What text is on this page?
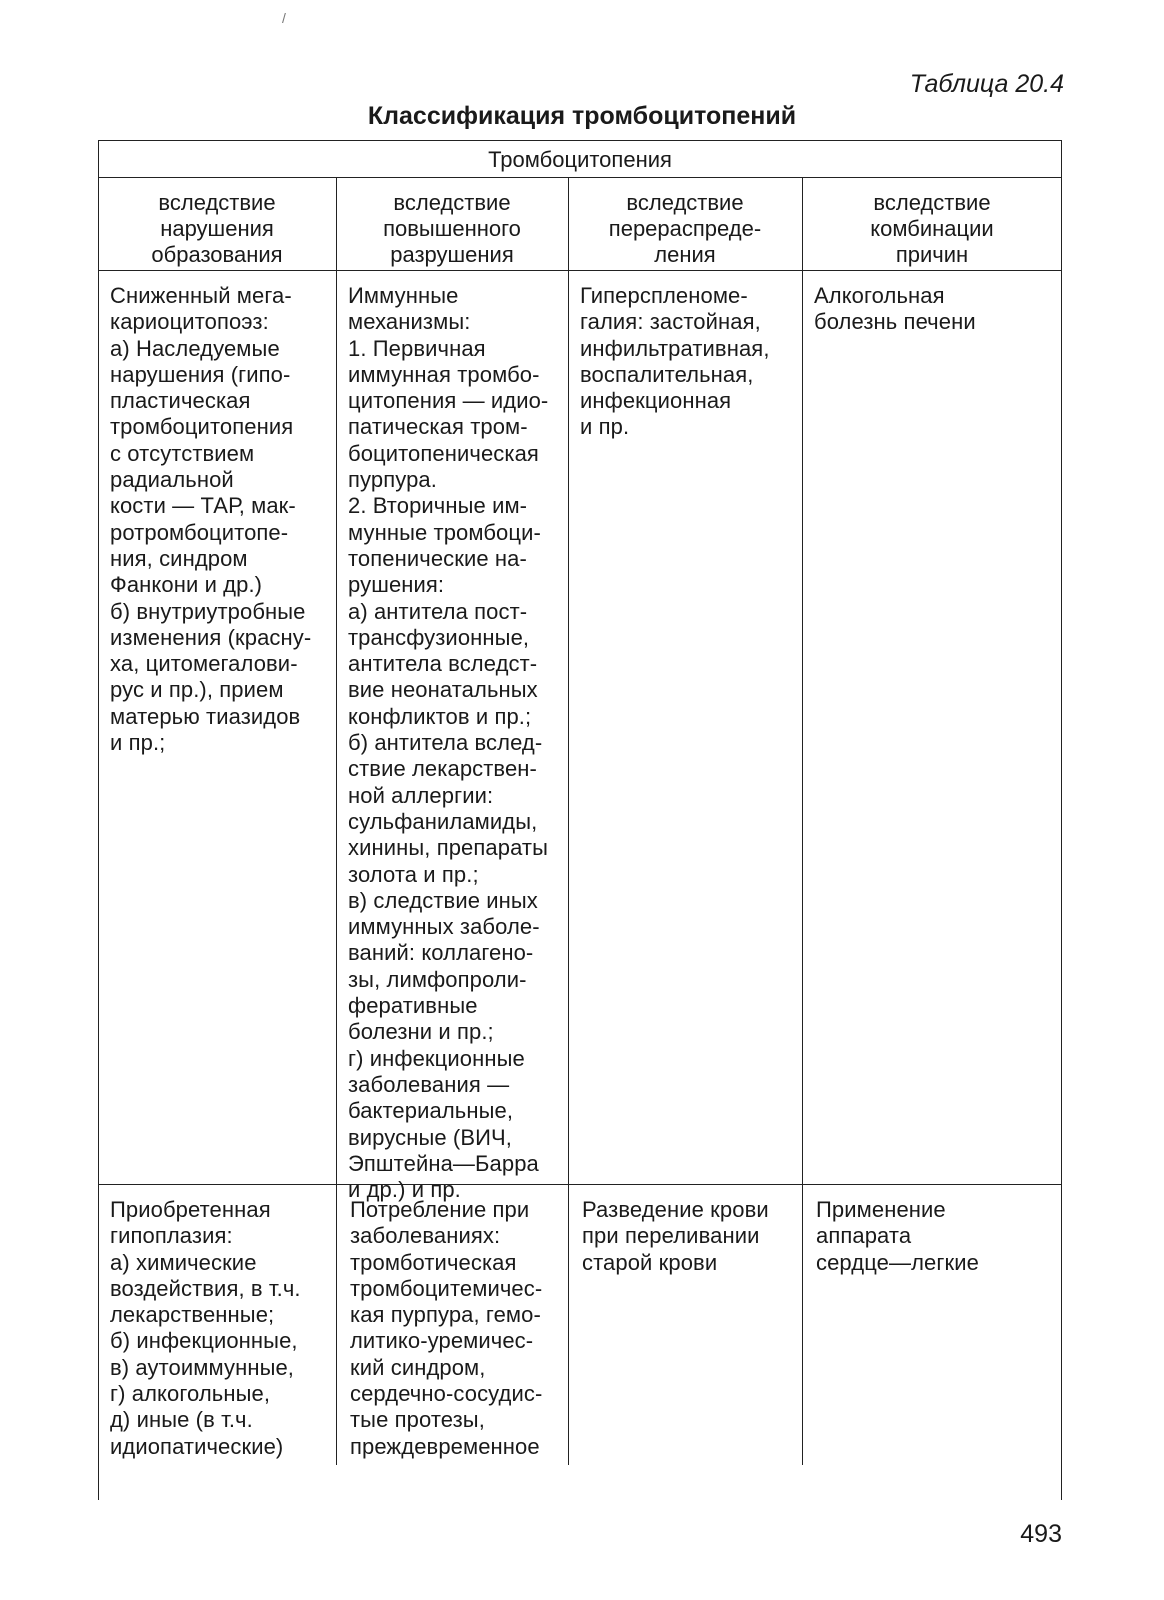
/
Таблица 20.4
Классификация тромбоцитопений
Тромбоцитопения
вследствие
нарушения
образования
вследствие
повышенного
разрушения
вследствие
перераспреде-
ления
вследствие
комбинации
причин
Сниженный мега-
кариоцитопоэз:
а) Наследуемые
нарушения (гипо-
пластическая
тромбоцитопения
с отсутствием
радиальной
кости — ТАР, мак-
ротромбоцитопе-
ния, синдром
Фанкони и др.)
б) внутриутробные
изменения (красну-
ха, цитомегалови-
рус и пр.), прием
матерью тиазидов
и пр.;
Иммунные
механизмы:
1. Первичная
иммунная тромбо-
цитопения — идио-
патическая тром-
боцитопеническая
пурпура.
2. Вторичные им-
мунные тромбоци-
топенические на-
рушения:
а) антитела пост-
трансфузионные,
антитела вследст-
вие неонатальных
конфликтов и пр.;
б) антитела вслед-
ствие лекарствен-
ной аллергии:
сульфаниламиды,
хинины, препараты
золота и пр.;
в) следствие иных
иммунных заболе-
ваний: коллагено-
зы, лимфопроли-
феративные
болезни и пр.;
г) инфекционные
заболевания —
бактериальные,
вирусные (ВИЧ,
Эпштейна—Барра
и др.) и пр.
Гиперспленоме-
галия: застойная,
инфильтративная,
воспалительная,
инфекционная
и пр.
Алкогольная
болезнь печени
Приобретенная
гипоплазия:
а) химические
воздействия, в т.ч.
лекарственные;
б) инфекционные,
в) аутоиммунные,
г) алкогольные,
д) иные (в т.ч.
идиопатические)
Потребление при
заболеваниях:
тромботическая
тромбоцитемичес-
кая пурпура, гемо-
литико-уремичес-
кий синдром,
сердечно-сосудис-
тые протезы,
преждевременное
Разведение крови
при переливании
старой крови
Применение
аппарата
сердце—легкие
493
